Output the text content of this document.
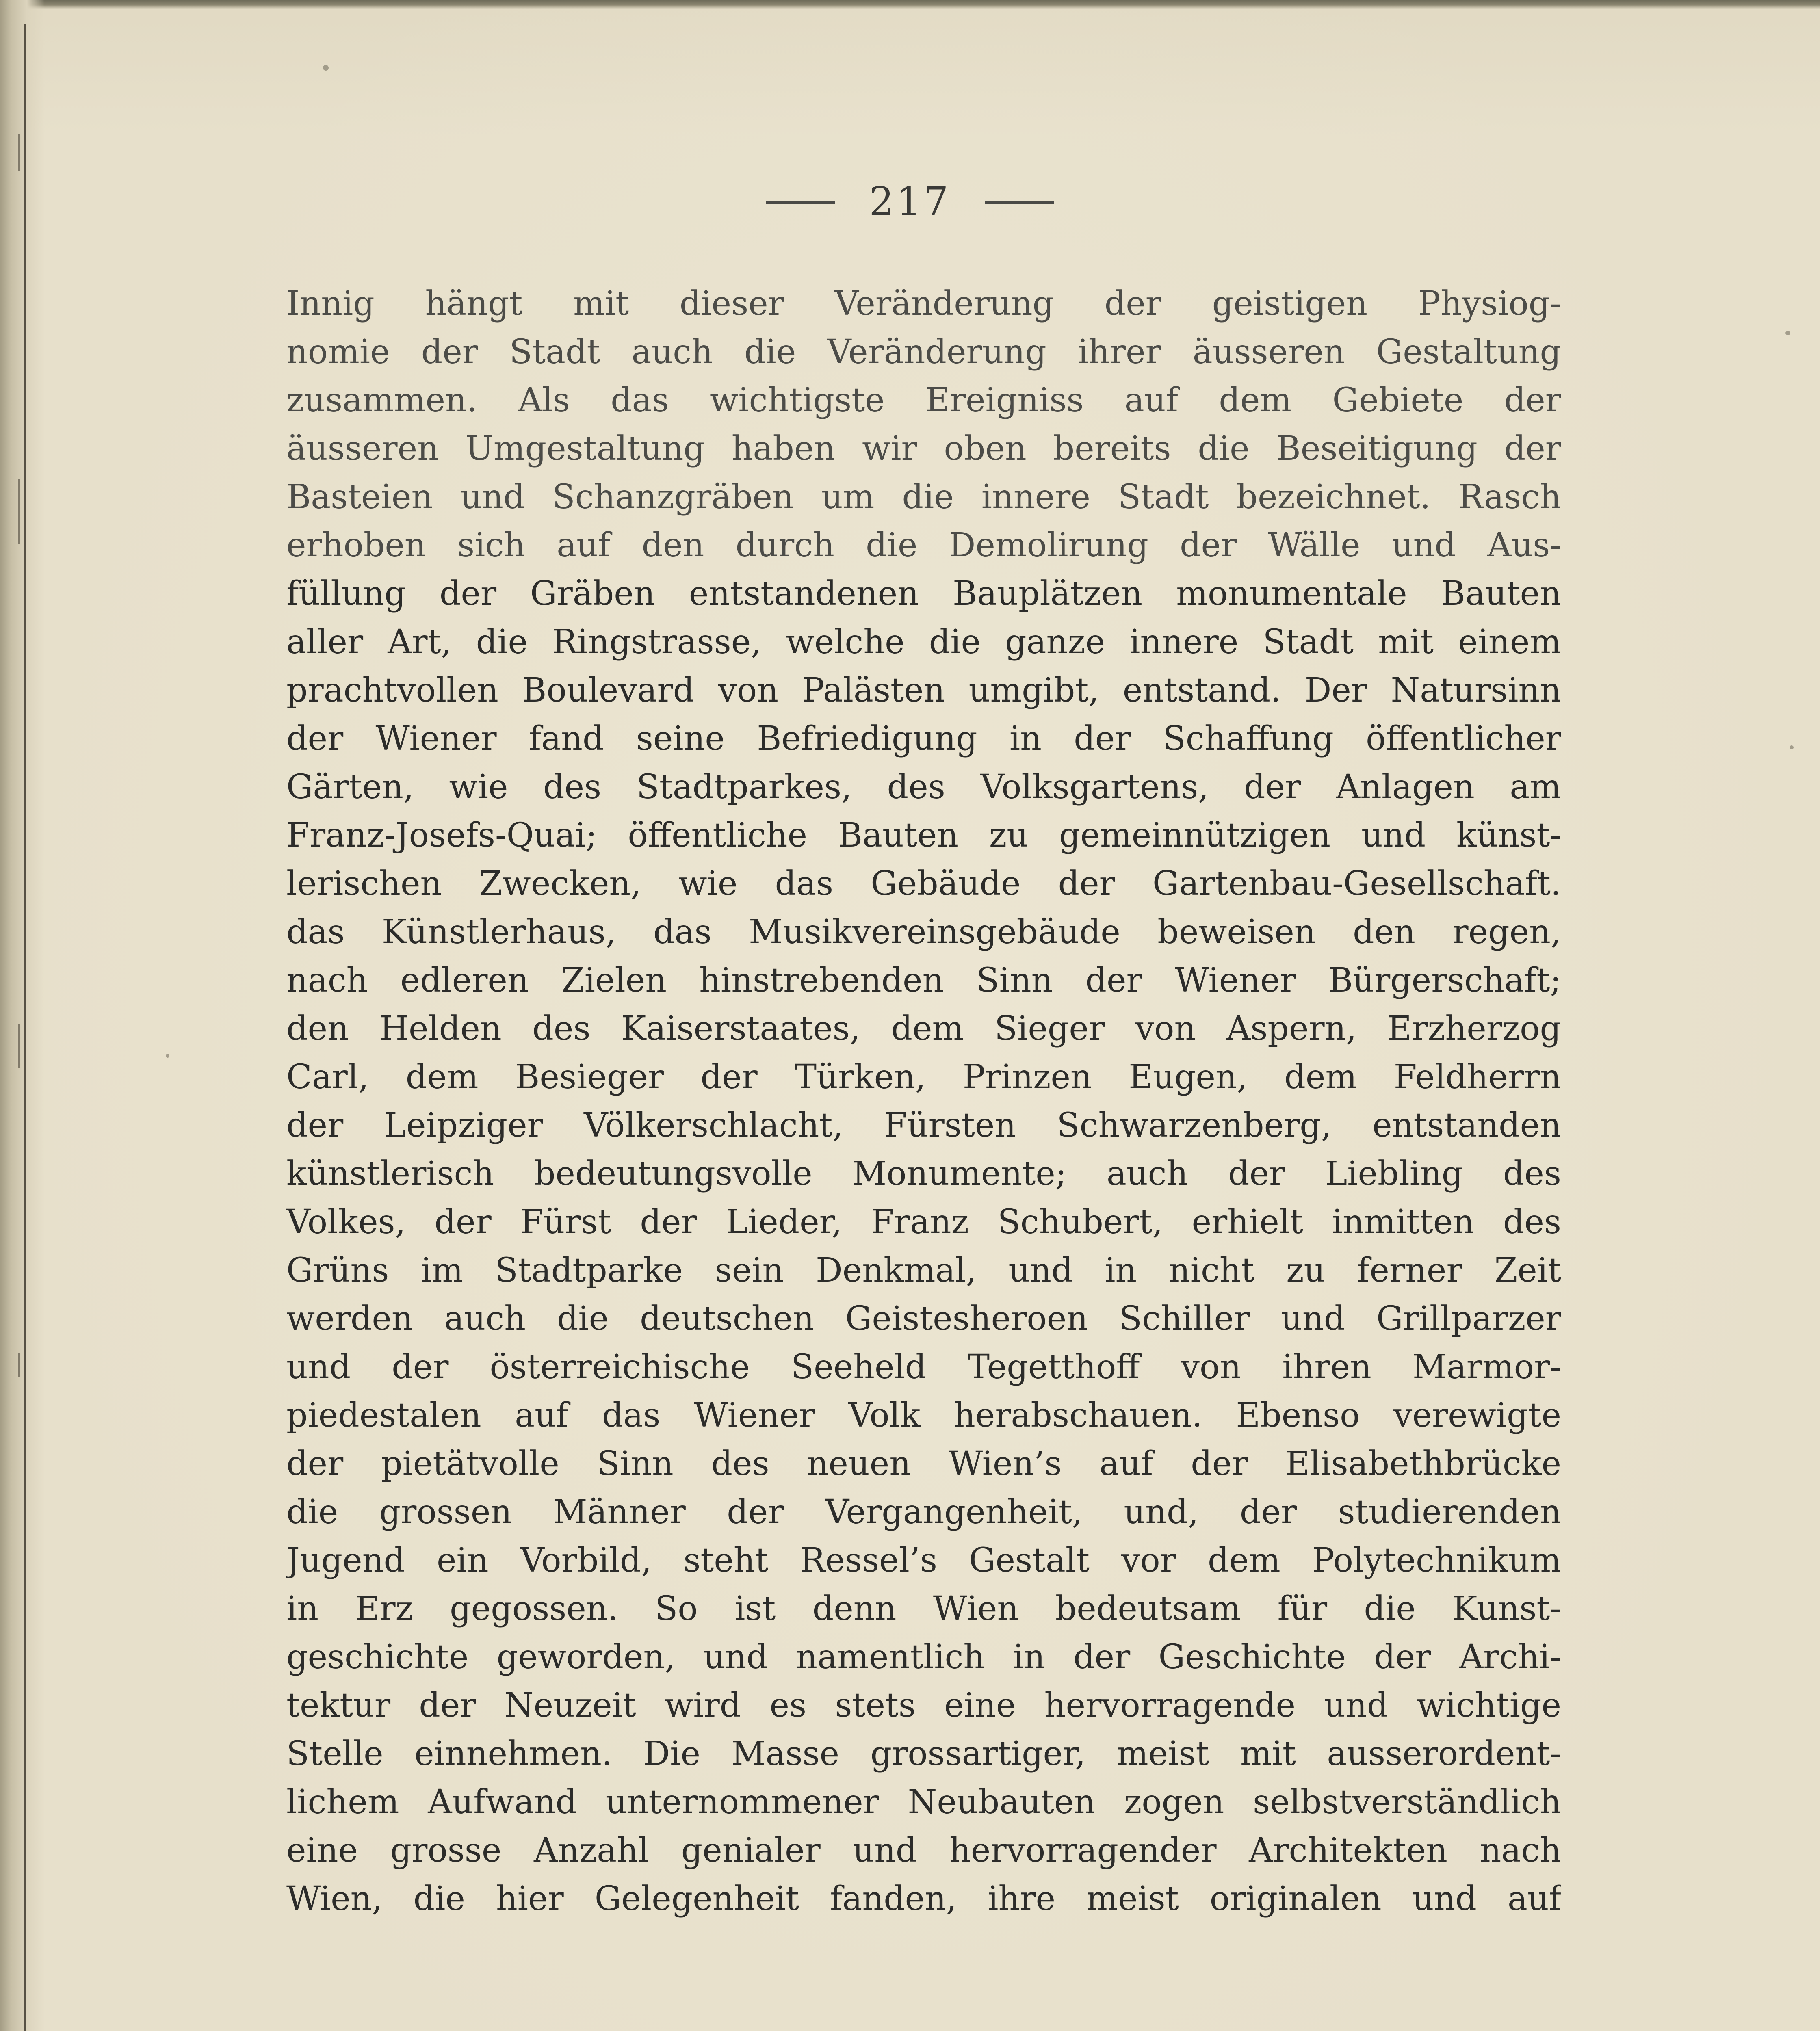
217
Innig hängt mit dieser Veränderung der geistigen Physiog-
nomie der Stadt auch die Veränderung ihrer äusseren Gestaltung
zusammen. Als das wichtigste Ereigniss auf dem Gebiete der
äusseren Umgestaltung haben wir oben bereits die Beseitigung der
Basteien und Schanzgräben um die innere Stadt bezeichnet. Rasch
erhoben sich auf den durch die Demolirung der Wälle und Aus-
füllung der Gräben entstandenen Bauplätzen monumentale Bauten
aller Art, die Ringstrasse, welche die ganze innere Stadt mit einem
prachtvollen Boulevard von Palästen umgibt, entstand. Der Natursinn
der Wiener fand seine Befriedigung in der Schaffung öffentlicher
Gärten, wie des Stadtparkes, des Volksgartens, der Anlagen am
Franz-Josefs-Quai; öffentliche Bauten zu gemeinnützigen und künst-
lerischen Zwecken, wie das Gebäude der Gartenbau-Gesellschaft.
das Künstlerhaus, das Musikvereinsgebäude beweisen den regen,
nach edleren Zielen hinstrebenden Sinn der Wiener Bürgerschaft;
den Helden des Kaiserstaates, dem Sieger von Aspern, Erzherzog
Carl, dem Besieger der Türken, Prinzen Eugen, dem Feldherrn
der Leipziger Völkerschlacht, Fürsten Schwarzenberg, entstanden
künstlerisch bedeutungsvolle Monumente; auch der Liebling des
Volkes, der Fürst der Lieder, Franz Schubert, erhielt inmitten des
Grüns im Stadtparke sein Denkmal, und in nicht zu ferner Zeit
werden auch die deutschen Geistesheroen Schiller und Grillparzer
und der österreichische Seeheld Tegetthoff von ihren Marmor-
piedestalen auf das Wiener Volk herabschauen. Ebenso verewigte
der pietätvolle Sinn des neuen Wien’s auf der Elisabethbrücke
die grossen Männer der Vergangenheit, und, der studierenden
Jugend ein Vorbild, steht Ressel’s Gestalt vor dem Polytechnikum
in Erz gegossen. So ist denn Wien bedeutsam für die Kunst-
geschichte geworden, und namentlich in der Geschichte der Archi-
tektur der Neuzeit wird es stets eine hervorragende und wichtige
Stelle einnehmen. Die Masse grossartiger, meist mit ausserordent-
lichem Aufwand unternommener Neubauten zogen selbstverständlich
eine grosse Anzahl genialer und hervorragender Architekten nach
Wien, die hier Gelegenheit fanden, ihre meist originalen und auf
